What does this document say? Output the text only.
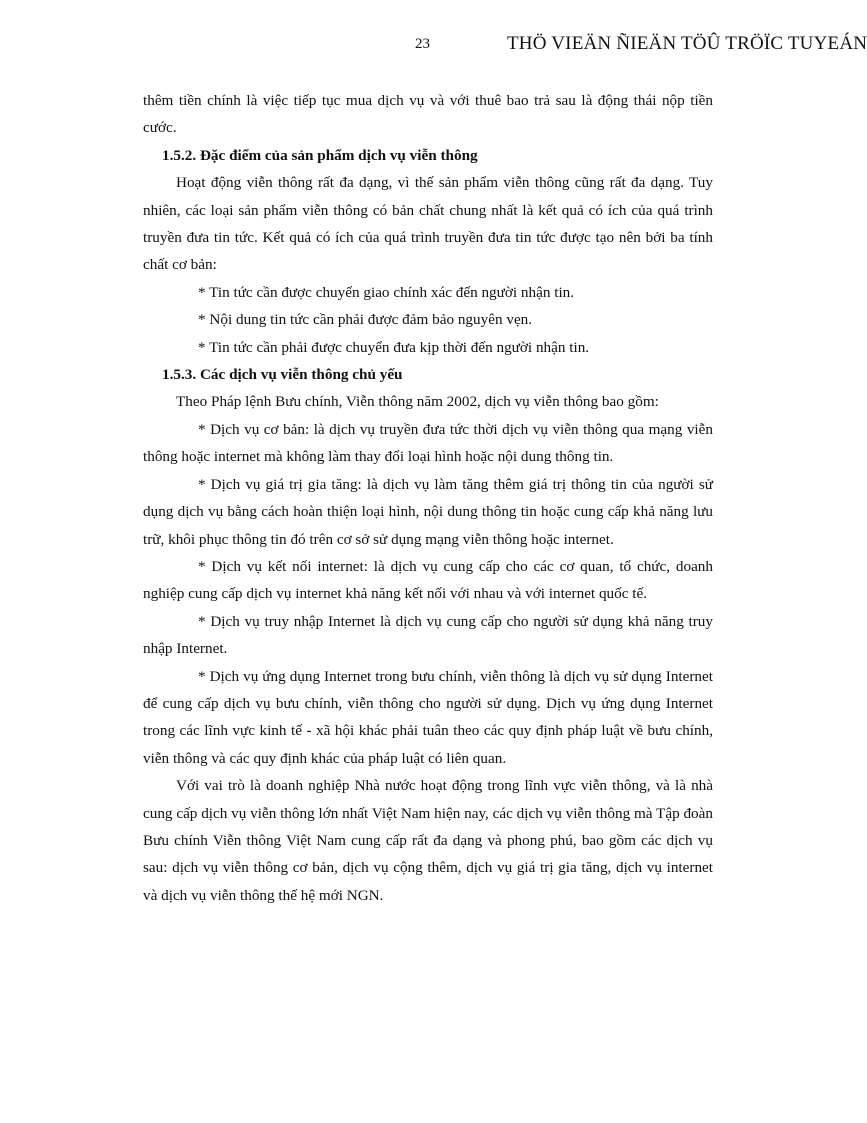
23	THÖ VIEÄN ÑIEÄN TÖÛ TRÖÏC TUYEÁN

thêm tiền chính là việc tiếp tục mua dịch vụ và với thuê bao trả sau là động thái nộp tiền cước.

1.5.2. Đặc điểm của sản phẩm dịch vụ viễn thông

Hoạt động viễn thông rất đa dạng, vì thế sản phẩm viễn thông cũng rất đa dạng. Tuy nhiên, các loại sản phẩm viễn thông có bản chất chung nhất là kết quả có ích của quá trình truyền đưa tin tức. Kết quả có ích của quá trình truyền đưa tin tức được tạo nên bởi ba tính chất cơ bản:

* Tin tức cần được chuyển giao chính xác đến người nhận tin.

* Nội dung tin tức cần phải được đảm bảo nguyên vẹn.

* Tin tức cần phải được chuyển đưa kịp thời đến người nhận tin.

1.5.3. Các dịch vụ viễn thông chủ yếu

Theo Pháp lệnh Bưu chính, Viễn thông năm 2002, dịch vụ viễn thông bao gồm:

* Dịch vụ cơ bản: là dịch vụ truyền đưa tức thời dịch vụ viễn thông qua mạng viễn thông hoặc internet mà không làm thay đổi loại hình hoặc nội dung thông tin.

* Dịch vụ giá trị gia tăng: là dịch vụ làm tăng thêm giá trị thông tin của người sử dụng dịch vụ bằng cách hoàn thiện loại hình, nội dung thông tin hoặc cung cấp khả năng lưu trữ, khôi phục thông tin đó trên cơ sở sử dụng mạng viễn thông hoặc internet.

* Dịch vụ kết nối internet: là dịch vụ cung cấp cho các cơ quan, tổ chức, doanh nghiệp cung cấp dịch vụ internet khả năng kết nối với nhau và với internet quốc tế.

* Dịch vụ truy nhập Internet là dịch vụ cung cấp cho người sử dụng khả năng truy nhập Internet.

* Dịch vụ ứng dụng Internet trong bưu chính, viễn thông là dịch vụ sử dụng Internet để cung cấp dịch vụ bưu chính, viễn thông cho người sử dụng. Dịch vụ ứng dụng Internet trong các lĩnh vực kinh tế - xã hội khác phải tuân theo các quy định pháp luật về bưu chính, viễn thông và các quy định khác của pháp luật có liên quan.

Với vai trò là doanh nghiệp Nhà nước hoạt động trong lĩnh vực viễn thông, và là nhà cung cấp dịch vụ viễn thông lớn nhất Việt Nam hiện nay, các dịch vụ viễn thông mà Tập đoàn Bưu chính Viễn thông Việt Nam cung cấp rất đa dạng và phong phú, bao gồm các dịch vụ sau: dịch vụ viễn thông cơ bản, dịch vụ cộng thêm, dịch vụ giá trị gia tăng, dịch vụ internet và dịch vụ viễn thông thế hệ mới NGN.
